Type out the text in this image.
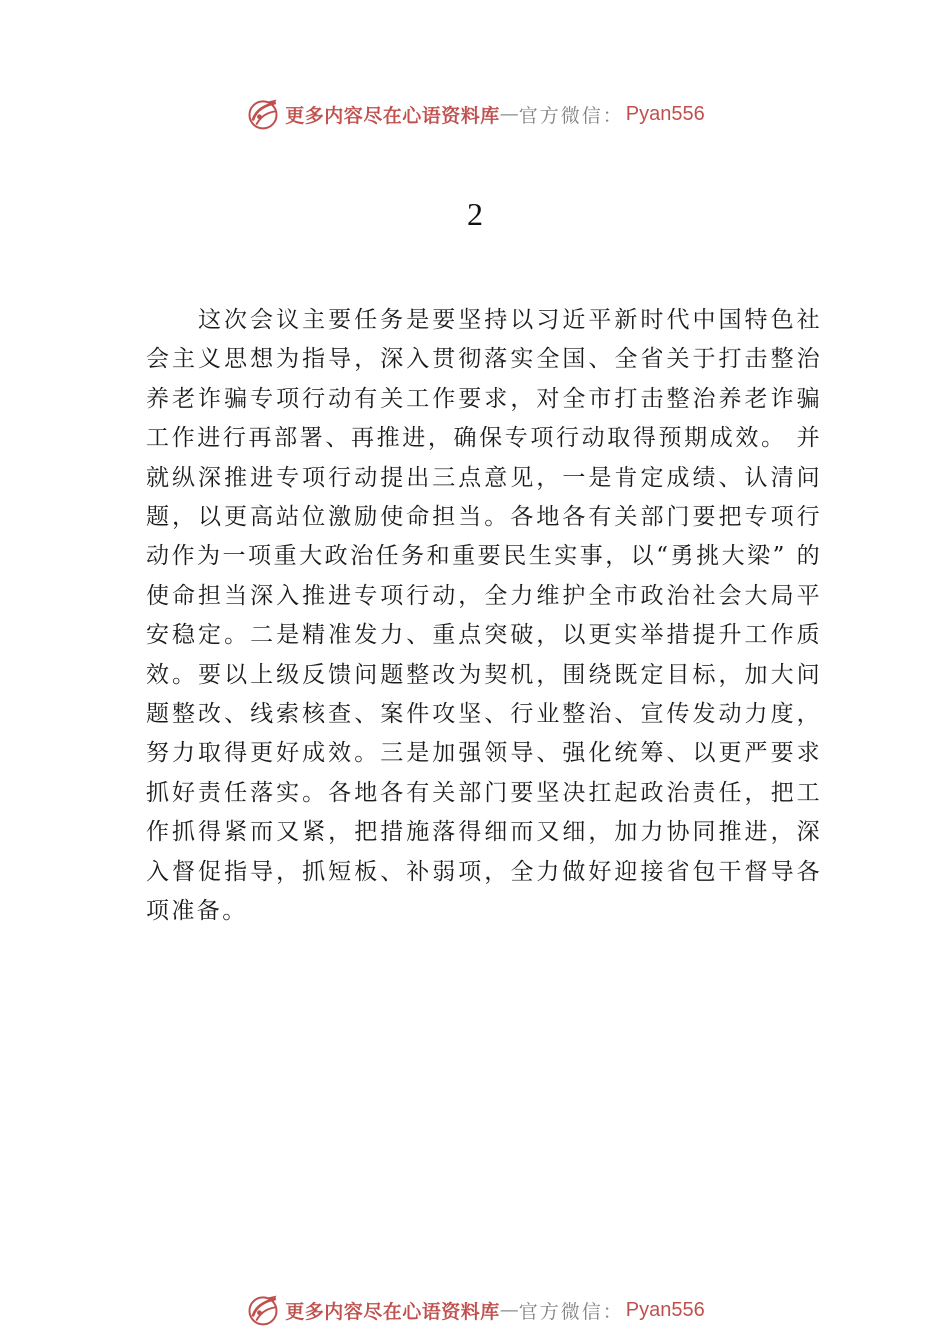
更多内容尽在心语资料库 — 官方微信： Pyan556
2

这次会议主要任务是要坚持以习近平新时代中国特色社会主义思想为指导，深入贯彻落实全国、全省关于打击整治养老诈骗专项行动有关工作要求，对全市打击整治养老诈骗工作进行再部署、再推进，确保专项行动取得预期成效。 并就纵深推进专项行动提出三点意见，一是肯定成绩、认清问题，以更高站位激励使命担当。各地各有关部门要把专项行动作为一项重大政治任务和重要民生实事，以“勇挑大梁” 的使命担当深入推进专项行动，全力维护全市政治社会大局平安稳定。二是精准发力、重点突破，以更实举措提升工作质效。要以上级反馈问题整改为契机，围绕既定目标，加大问题整改、线索核查、案件攻坚、行业整治、宣传发动力度， 努力取得更好成效。三是加强领导、强化统筹、以更严要求抓好责任落实。各地各有关部门要坚决扛起政治责任，把工作抓得紧而又紧，把措施落得细而又细，加力协同推进，深入督促指导，抓短板、补弱项，全力做好迎接省包干督导各项准备。

更多内容尽在心语资料库 — 官方微信： Pyan556
